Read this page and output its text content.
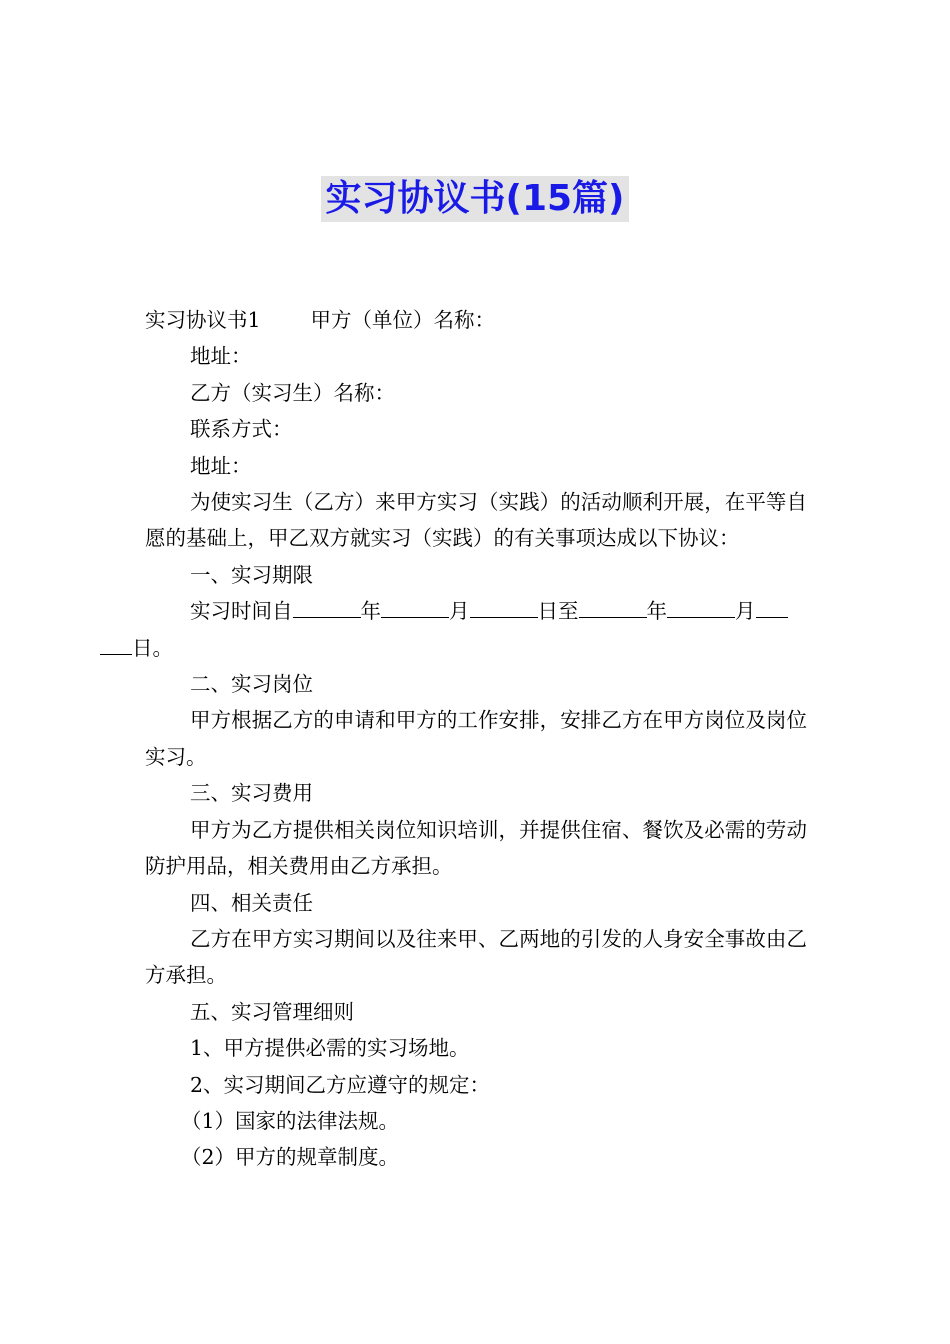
实习协议书(15篇)

实习协议书1 甲方（单位）名称：

地址：

乙方（实习生）名称：

联系方式：

地址：

为使实习生（乙方）来甲方实习（实践）的活动顺利开展，在平等自愿的基础上，甲乙双方就实习（实践）的有关事项达成以下协议：

一、实习期限

实习时间自	年	月	日至	年	月
日。

二、实习岗位

甲方根据乙方的申请和甲方的工作安排，安排乙方在甲方岗位及岗位实习。

三、实习费用

甲方为乙方提供相关岗位知识培训，并提供住宿、餐饮及必需的劳动防护用品，相关费用由乙方承担。

四、相关责任

乙方在甲方实习期间以及往来甲、乙两地的引发的人身安全事故由乙方承担。

五、实习管理细则

1、甲方提供必需的实习场地。

2、实习期间乙方应遵守的规定：

（1）国家的法律法规。

（2）甲方的规章制度。
